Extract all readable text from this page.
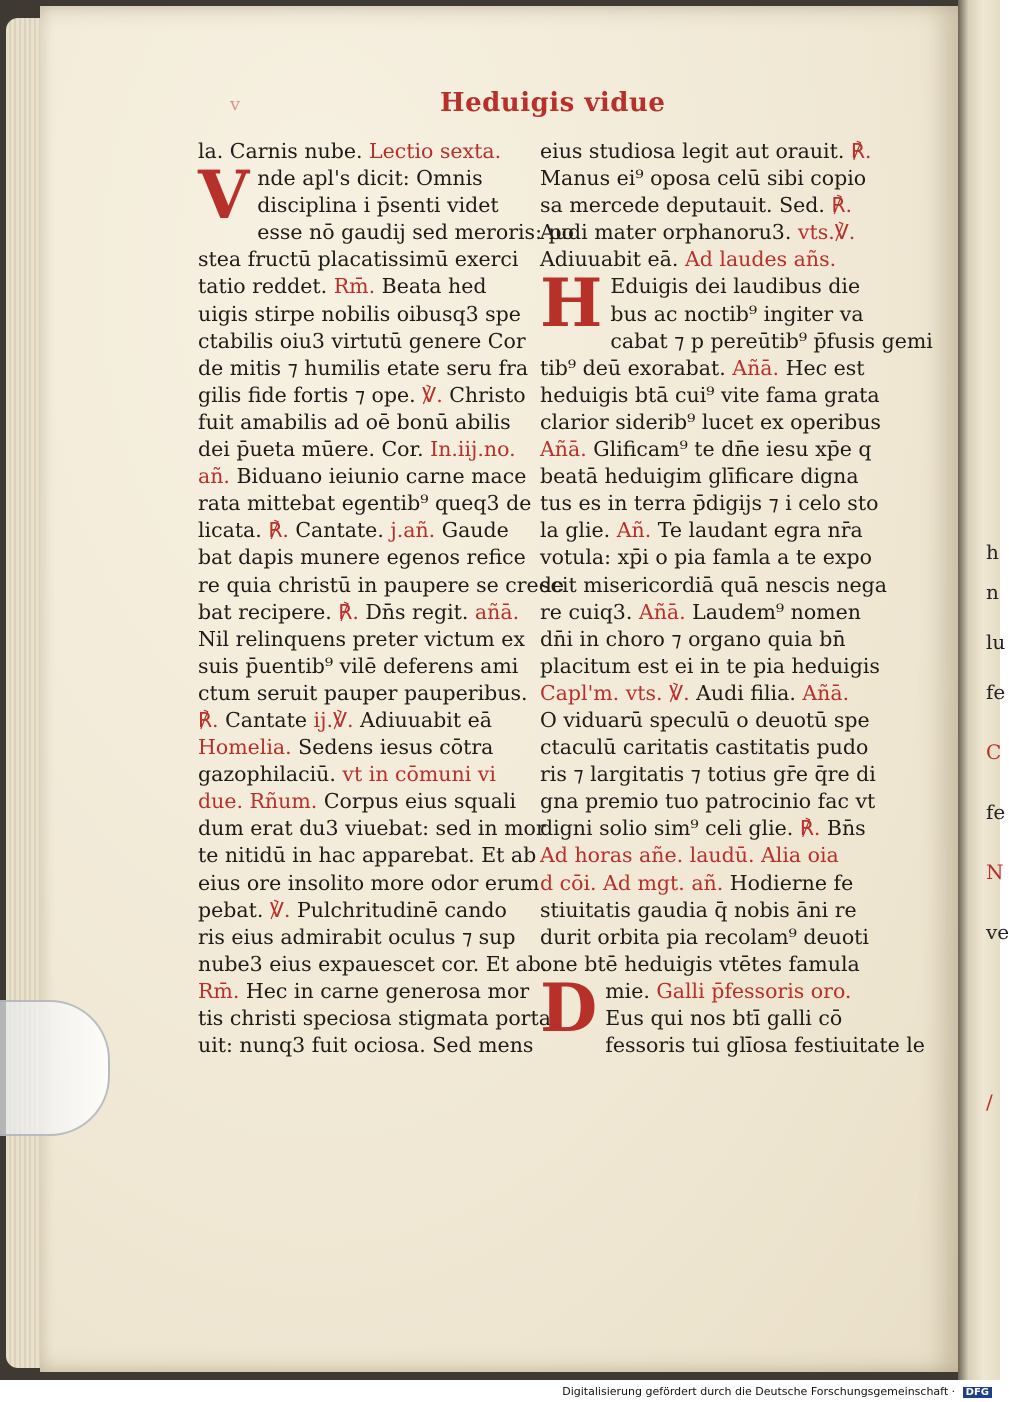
h
n
lu
fe
C
fe
N
ve
/
v	Heduigis vidue
la. Carnis nube. Lectio sexta.
Vnde apl's dicit: Omnis
disciplina i p̄senti videt
esse nō gaudij sed meroris: po
stea fructū placatissimū exerci
tatio reddet. Rm̄. Beata hed
uigis stirpe nobilis oibusq3 spe
ctabilis oiu3 virtutū genere Cor
de mitis ⁊ humilis etate seru fra
gilis fide fortis ⁊ ope. ℣. Christo
fuit amabilis ad oē bonū abilis
dei p̄ueta mūere. Cor. In.iij.no.
añ. Biduano ieiunio carne mace
rata mittebat egentib⁹ queq3 de
licata. ℟. Cantate. j.añ. Gaude
bat dapis munere egenos refice
re quia christū in paupere se crede
bat recipere. ℟. Dn̄s regit. añā.
Nil relinquens preter victum ex
suis p̄uentib⁹ vilē deferens ami
ctum seruit pauper pauperibus.
℟. Cantate ij.℣. Adiuuabit eā
Homelia. Sedens iesus cōtra
gazophilaciū. vt in cōmuni vi
due. Rñum. Corpus eius squali
dum erat du3 viuebat: sed in mor
te nitidū in hac apparebat. Et ab
eius ore insolito more odor erum
pebat. ℣. Pulchritudinē cando
ris eius admirabit oculus ⁊ sup
nube3 eius expauescet cor. Et ab.
Rm̄. Hec in carne generosa mor
tis christi speciosa stigmata porta
uit: nunq3 fuit ociosa. Sed mens
eius studiosa legit aut orauit. ℟.
Manus ei⁹ oposa celū sibi copio
sa mercede deputauit. Sed. ℟.
Audi mater orphanoru3. vts.℣.
Adiuuabit eā. Ad laudes añs.
H Eduigis dei laudibus die
bus ac noctib⁹ ingiter va
cabat ⁊ p pereūtib⁹ p̄fusis gemi
tib⁹ deū exorabat. Añā. Hec est
heduigis btā cui⁹ vite fama grata
clarior siderib⁹ lucet ex operibus
Añā. Glificam⁹ te dn̄e iesu xp̄e q
beatā heduigim glīficare digna
tus es in terra p̄digijs ⁊ i celo sto
la glie. Añ. Te laudant egra nr̄a
votula: xp̄i o pia famla a te expo
scit misericordiā quā nescis nega
re cuiq3. Añā. Laudem⁹ nomen
dn̄i in choro ⁊ organo quia bn̄
placitum est ei in te pia heduigis
Capl'm. vts. ℣. Audi filia. Añā.
O viduarū speculū o deuotū spe
ctaculū caritatis castitatis pudo
ris ⁊ largitatis ⁊ totius gr̄e q̄re di
gna premio tuo patrocinio fac vt
digni solio sim⁹ celi glie. ℟. Bn̄s
Ad horas añe. laudū. Alia oia
d cōi. Ad mgt. añ. Hodierne fe
stiuitatis gaudia q̄ nobis āni re
durit orbita pia recolam⁹ deuoti
one btē heduigis vtētes famula
Dmie. Galli p̄fessoris oro.
Eus qui nos btī galli cō
fessoris tui glīosa festiuitate le
Digitalisierung gefördert durch die Deutsche Forschungsgemeinschaft · DFG
